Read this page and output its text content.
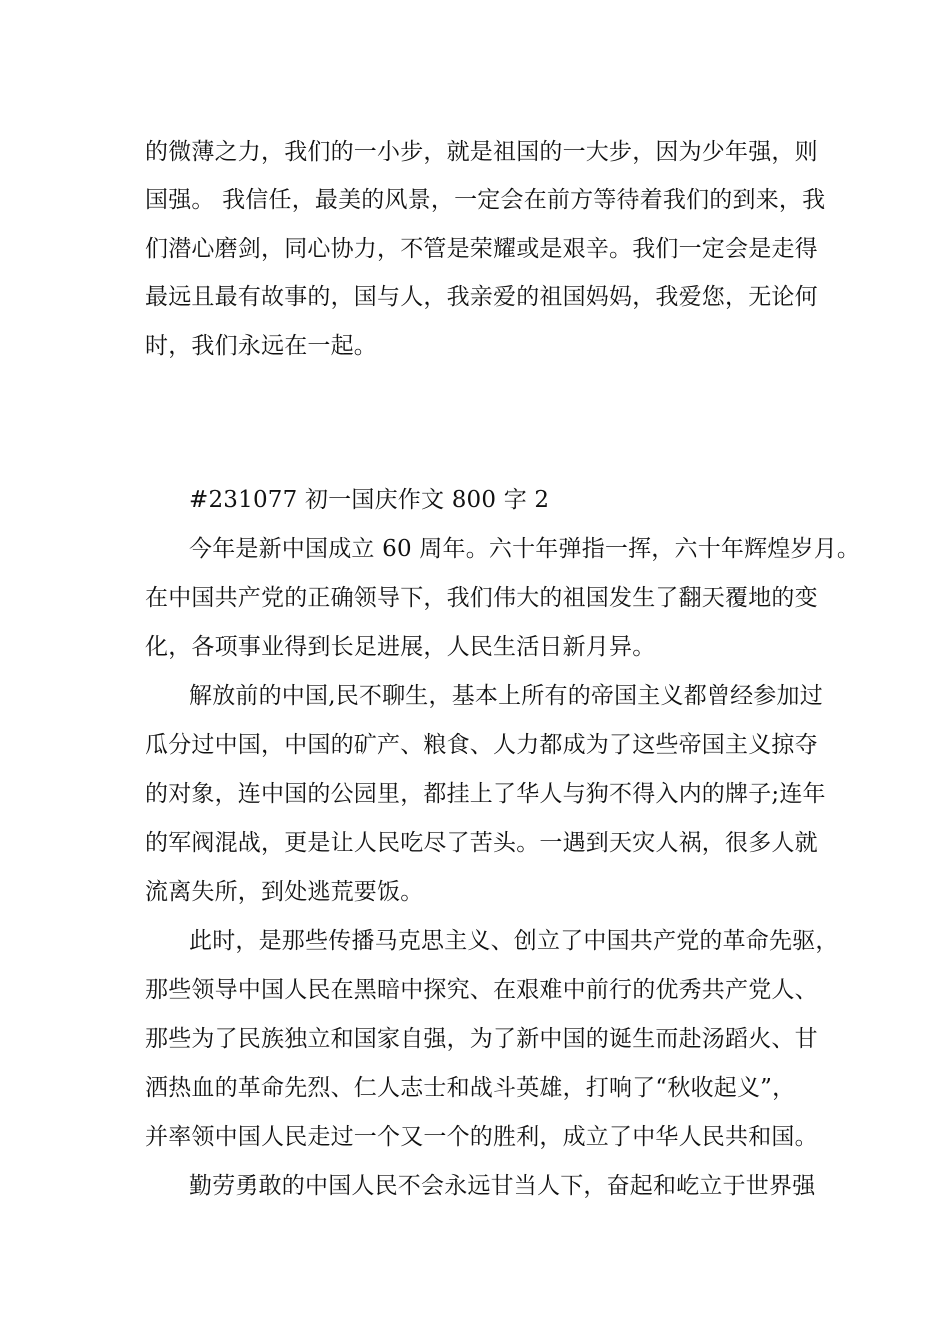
的微薄之力，我们的一小步，就是祖国的一大步，因为少年强，则
国强。 我信任，最美的风景，一定会在前方等待着我们的到来，我
们潜心磨剑，同心协力，不管是荣耀或是艰辛。我们一定会是走得
最远且最有故事的，国与人，我亲爱的祖国妈妈，我爱您，无论何
时，我们永远在一起。
#231077 初一国庆作文 800 字 2
今年是新中国成立 60 周年。六十年弹指一挥，六十年辉煌岁月。
在中国共产党的正确领导下，我们伟大的祖国发生了翻天覆地的变
化，各项事业得到长足进展，人民生活日新月异。
解放前的中国,民不聊生，基本上所有的帝国主义都曾经参加过
瓜分过中国，中国的矿产、粮食、人力都成为了这些帝国主义掠夺
的对象，连中国的公园里，都挂上了华人与狗不得入内的牌子;连年
的军阀混战，更是让人民吃尽了苦头。一遇到天灾人祸，很多人就
流离失所，到处逃荒要饭。
此时，是那些传播马克思主义、创立了中国共产党的革命先驱，
那些领导中国人民在黑暗中探究、在艰难中前行的优秀共产党人、
那些为了民族独立和国家自强，为了新中国的诞生而赴汤蹈火、甘
洒热血的革命先烈、仁人志士和战斗英雄，打响了“秋收起义”，
并率领中国人民走过一个又一个的胜利，成立了中华人民共和国。
勤劳勇敢的中国人民不会永远甘当人下，奋起和屹立于世界强
